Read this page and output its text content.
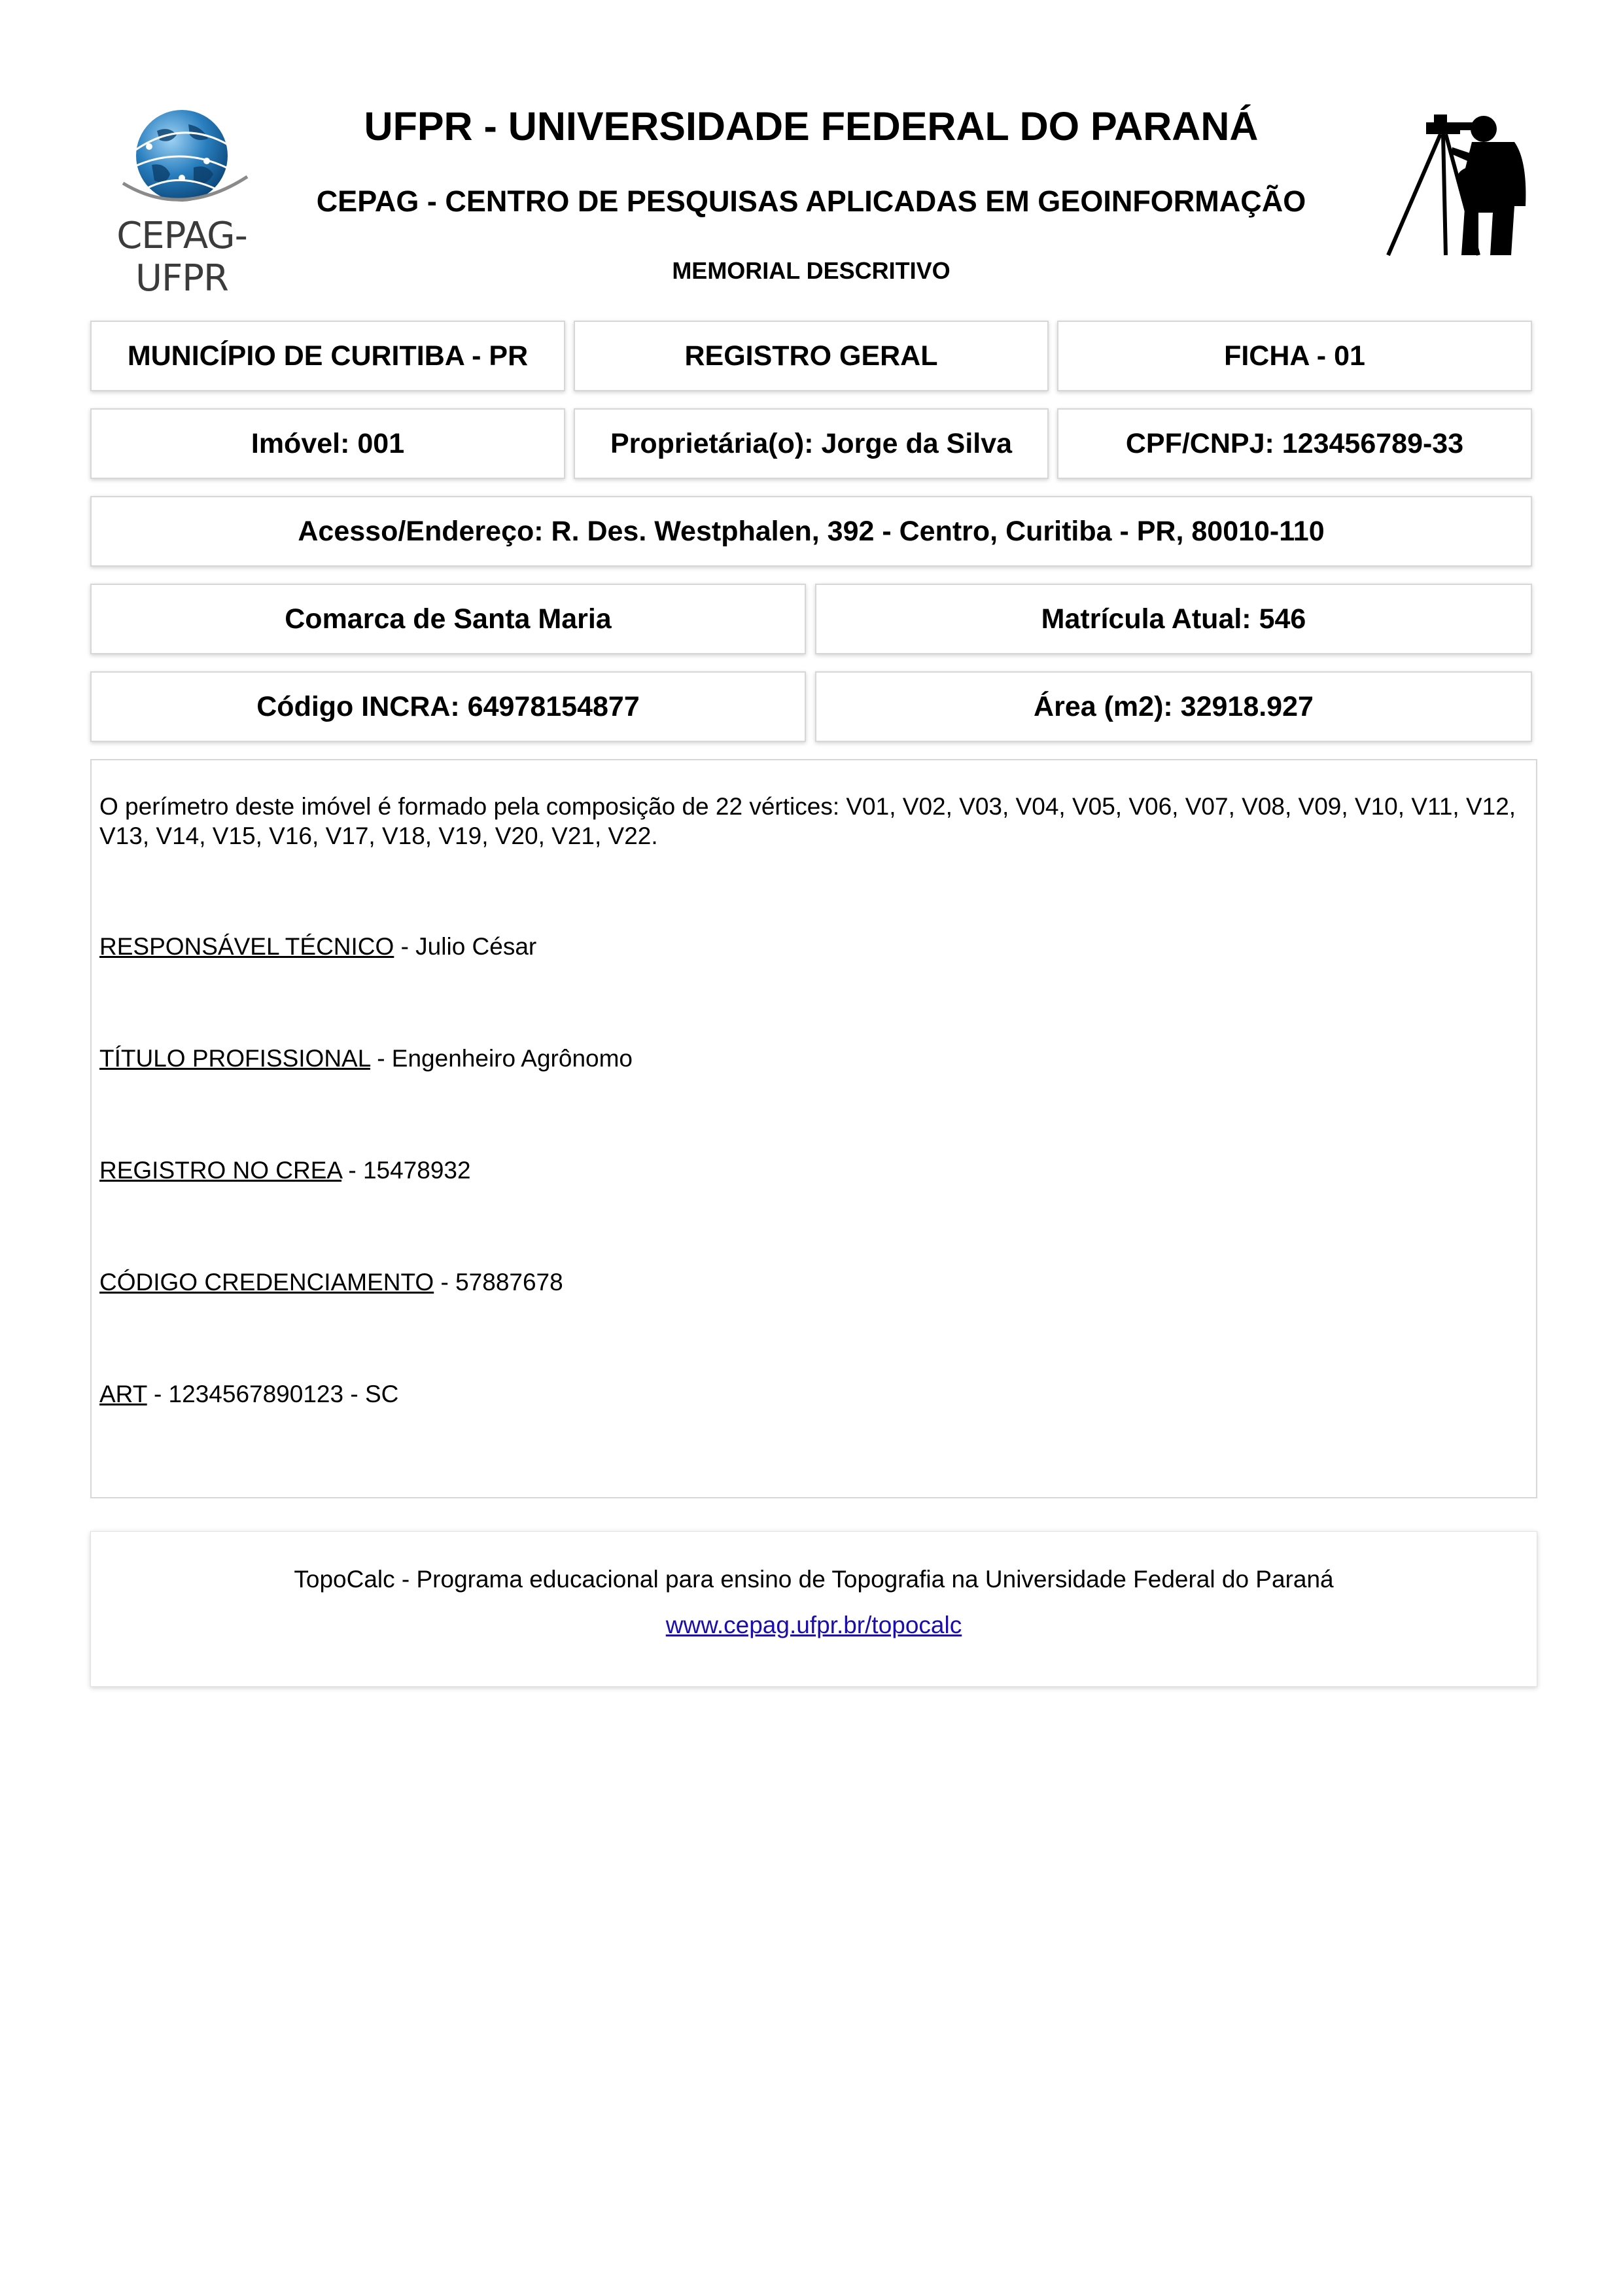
CEPAG-UFPR
UFPR - UNIVERSIDADE FEDERAL DO PARANÁ
CEPAG - CENTRO DE PESQUISAS APLICADAS EM GEOINFORMAÇÃO
MEMORIAL DESCRITIVO
MUNICÍPIO DE CURITIBA - PR	REGISTRO GERAL	FICHA - 01
Imóvel: 001	Proprietária(o): Jorge da Silva	CPF/CNPJ: 123456789-33
Acesso/Endereço: R. Des. Westphalen, 392 - Centro, Curitiba - PR, 80010-110
Comarca de Santa Maria	Matrícula Atual: 546
Código INCRA: 64978154877	Área (m2): 32918.927

O perímetro deste imóvel é formado pela composição de 22 vértices: V01, V02, V03, V04, V05, V06, V07, V08, V09, V10, V11, V12, V13, V14, V15, V16, V17, V18, V19, V20, V21, V22.

RESPONSÁVEL TÉCNICO - Julio César

TÍTULO PROFISSIONAL - Engenheiro Agrônomo

REGISTRO NO CREA - 15478932

CÓDIGO CREDENCIAMENTO - 57887678

ART - 1234567890123 - SC

TopoCalc - Programa educacional para ensino de Topografia na Universidade Federal do Paraná
www.cepag.ufpr.br/topocalc
